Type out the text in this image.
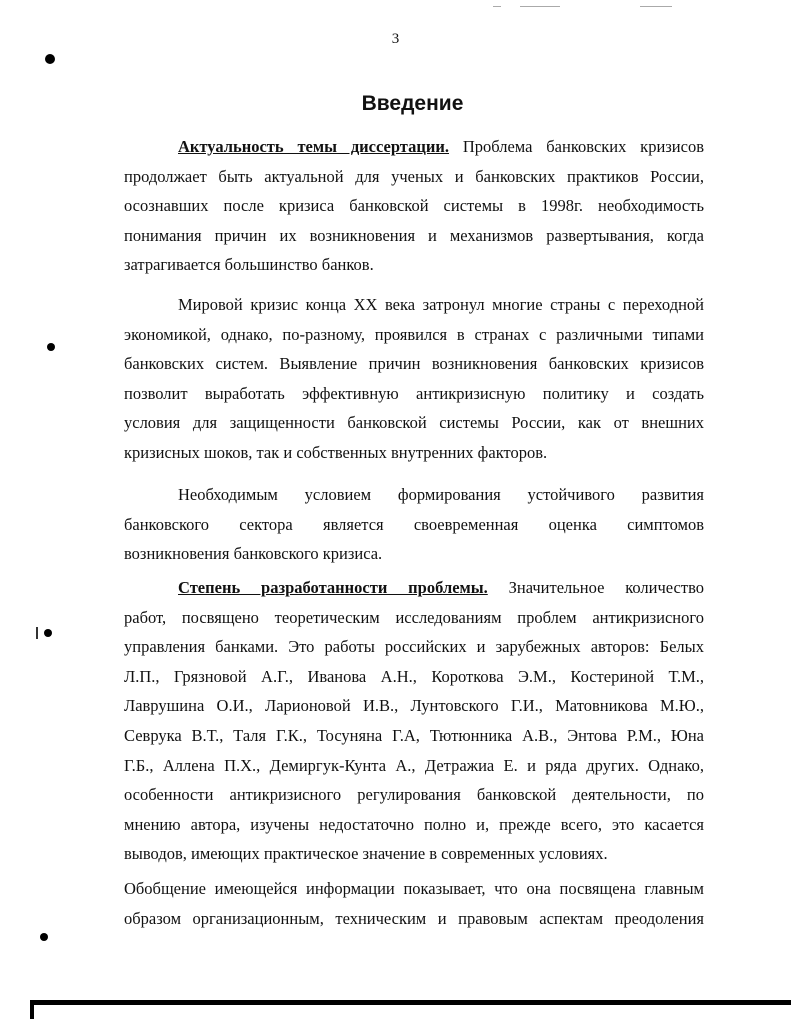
3
Введение
Актуальность темы диссертации. Проблема банковских кризисов
продолжает быть актуальной для ученых и банковских практиков России,
осознавших после кризиса банковской системы в 1998г. необходимость
понимания причин их возникновения и механизмов развертывания, когда
затрагивается большинство банков.
Мировой кризис конца XX века затронул многие страны с переходной
экономикой, однако, по-разному, проявился в странах с различными типами
банковских систем. Выявление причин возникновения банковских кризисов
позволит выработать эффективную антикризисную политику и создать
условия для защищенности банковской системы России, как от внешних
кризисных шоков, так и собственных внутренних факторов.
Необходимым условием формирования устойчивого развития
банковского сектора является своевременная оценка симптомов
возникновения банковского кризиса.
Степень разработанности проблемы. Значительное количество
работ, посвящено теоретическим исследованиям проблем антикризисного
управления банками. Это работы российских и зарубежных авторов: Белых
Л.П., Грязновой А.Г., Иванова А.Н., Короткова Э.М., Костериной Т.М.,
Лаврушина О.И., Ларионовой И.В., Лунтовского Г.И., Матовникова М.Ю.,
Севрука В.Т., Таля Г.К., Тосуняна Г.А, Тютюнника А.В., Энтова Р.М., Юна
Г.Б., Аллена П.Х., Демиргук-Кунта А., Детражиа Е. и ряда других. Однако,
особенности антикризисного регулирования банковской деятельности, по
мнению автора, изучены недостаточно полно и, прежде всего, это касается
выводов, имеющих практическое значение в современных условиях.
Обобщение имеющейся информации показывает, что она посвящена главным
образом организационным, техническим и правовым аспектам преодоления
